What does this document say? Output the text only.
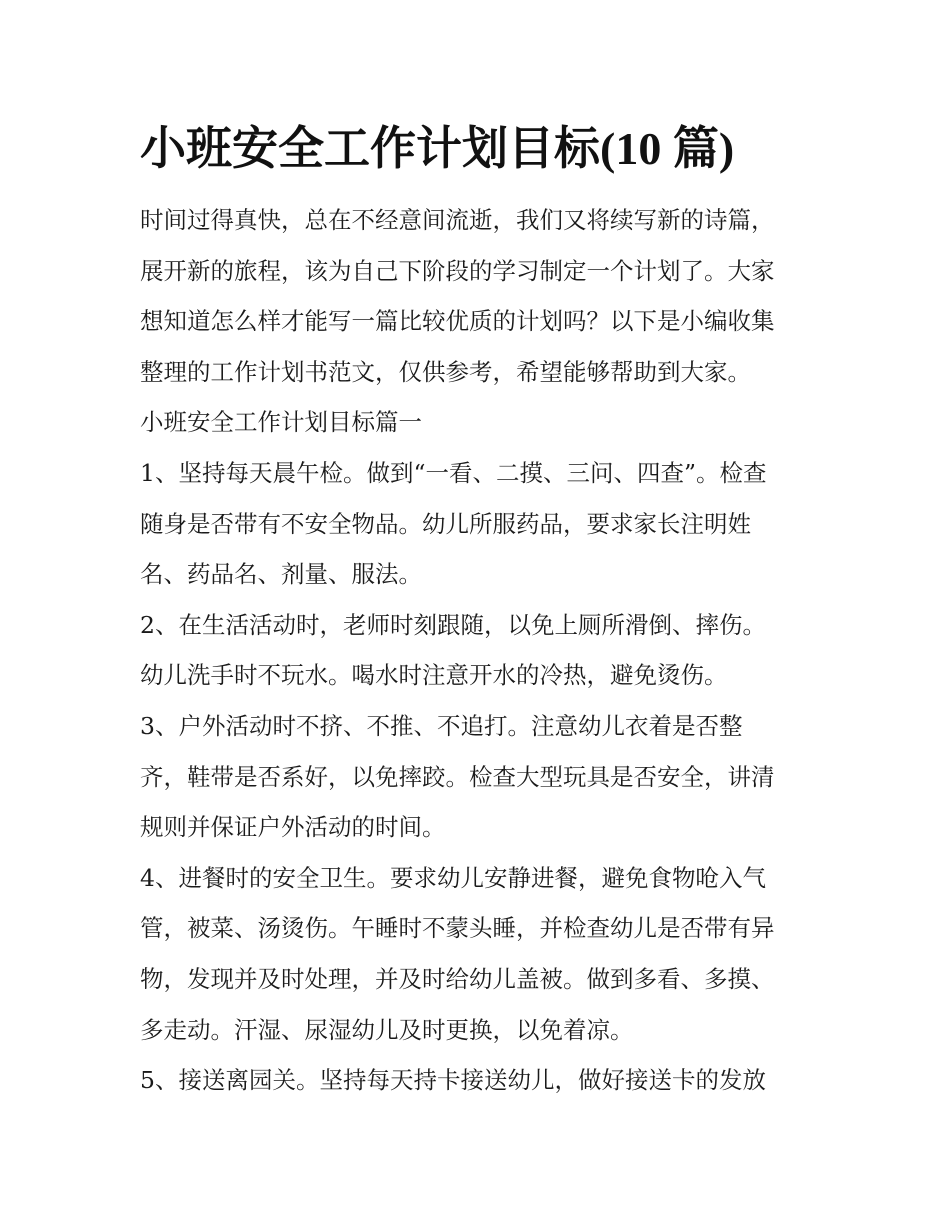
小班安全工作计划目标(10 篇)

时间过得真快，总在不经意间流逝，我们又将续写新的诗篇，
展开新的旅程，该为自己下阶段的学习制定一个计划了。大家
想知道怎么样才能写一篇比较优质的计划吗？以下是小编收集
整理的工作计划书范文，仅供参考，希望能够帮助到大家。

小班安全工作计划目标篇一

1、坚持每天晨午检。做到“一看、二摸、三问、四查”。检查
随身是否带有不安全物品。幼儿所服药品，要求家长注明姓
名、药品名、剂量、服法。

2、在生活活动时，老师时刻跟随，以免上厕所滑倒、摔伤。
幼儿洗手时不玩水。喝水时注意开水的冷热，避免烫伤。

3、户外活动时不挤、不推、不追打。注意幼儿衣着是否整
齐，鞋带是否系好，以免摔跤。检查大型玩具是否安全，讲清
规则并保证户外活动的时间。

4、进餐时的安全卫生。要求幼儿安静进餐，避免食物呛入气
管，被菜、汤烫伤。午睡时不蒙头睡，并检查幼儿是否带有异
物，发现并及时处理，并及时给幼儿盖被。做到多看、多摸、
多走动。汗湿、尿湿幼儿及时更换，以免着凉。

5、接送离园关。坚持每天持卡接送幼儿，做好接送卡的发放
